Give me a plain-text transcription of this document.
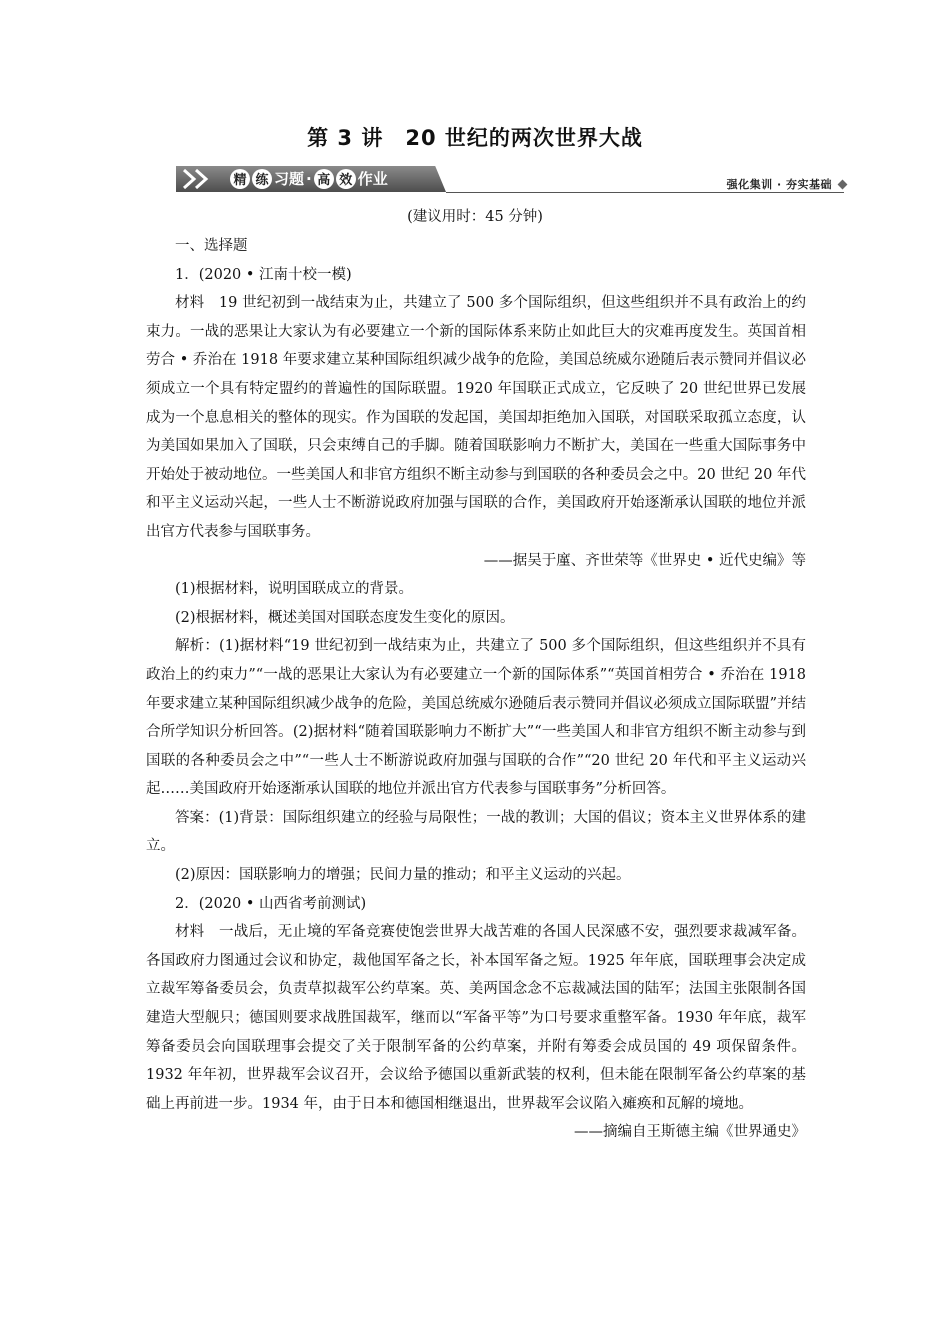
第 3 讲　20 世纪的两次世界大战
精 练 习题 · 高 效 作业	强化集训 · 夯实基础
(建议用时：45 分钟)

一、选择题

1．(2020 • 江南十校一模)

材料　19 世纪初到一战结束为止，共建立了 500 多个国际组织，但这些组织并不具有政治上的约束力。一战的恶果让大家认为有必要建立一个新的国际体系来防止如此巨大的灾难再度发生。英国首相劳合 • 乔治在 1918 年要求建立某种国际组织减少战争的危险，美国总统威尔逊随后表示赞同并倡议必须成立一个具有特定盟约的普遍性的国际联盟。1920 年国联正式成立，它反映了 20 世纪世界已发展成为一个息息相关的整体的现实。作为国联的发起国，美国却拒绝加入国联，对国联采取孤立态度，认为美国如果加入了国联，只会束缚自己的手脚。随着国联影响力不断扩大，美国在一些重大国际事务中开始处于被动地位。一些美国人和非官方组织不断主动参与到国联的各种委员会之中。20 世纪 20 年代和平主义运动兴起，一些人士不断游说政府加强与国联的合作，美国政府开始逐渐承认国联的地位并派出官方代表参与国联事务。

——据吴于廑、齐世荣等《世界史 • 近代史编》等

(1)根据材料，说明国联成立的背景。

(2)根据材料，概述美国对国联态度发生变化的原因。

解析：(1)据材料“19 世纪初到一战结束为止，共建立了 500 多个国际组织，但这些组织并不具有政治上的约束力”“一战的恶果让大家认为有必要建立一个新的国际体系”“英国首相劳合 • 乔治在 1918 年要求建立某种国际组织减少战争的危险，美国总统威尔逊随后表示赞同并倡议必须成立国际联盟”并结合所学知识分析回答。(2)据材料“随着国联影响力不断扩大”“一些美国人和非官方组织不断主动参与到国联的各种委员会之中”“一些人士不断游说政府加强与国联的合作”“20 世纪 20 年代和平主义运动兴起……美国政府开始逐渐承认国联的地位并派出官方代表参与国联事务”分析回答。

答案：(1)背景：国际组织建立的经验与局限性；一战的教训；大国的倡议；资本主义世界体系的建立。

(2)原因：国联影响力的增强；民间力量的推动；和平主义运动的兴起。

2．(2020 • 山西省考前测试)

材料　一战后，无止境的军备竞赛使饱尝世界大战苦难的各国人民深感不安，强烈要求裁减军备。各国政府力图通过会议和协定，裁他国军备之长，补本国军备之短。1925 年年底，国联理事会决定成立裁军筹备委员会，负责草拟裁军公约草案。英、美两国念念不忘裁减法国的陆军；法国主张限制各国建造大型舰只；德国则要求战胜国裁军，继而以“军备平等”为口号要求重整军备。1930 年年底，裁军筹备委员会向国联理事会提交了关于限制军备的公约草案，并附有筹委会成员国的 49 项保留条件。1932 年年初，世界裁军会议召开，会议给予德国以重新武装的权利，但未能在限制军备公约草案的基础上再前进一步。1934 年，由于日本和德国相继退出，世界裁军会议陷入瘫痪和瓦解的境地。

——摘编自王斯德主编《世界通史》
